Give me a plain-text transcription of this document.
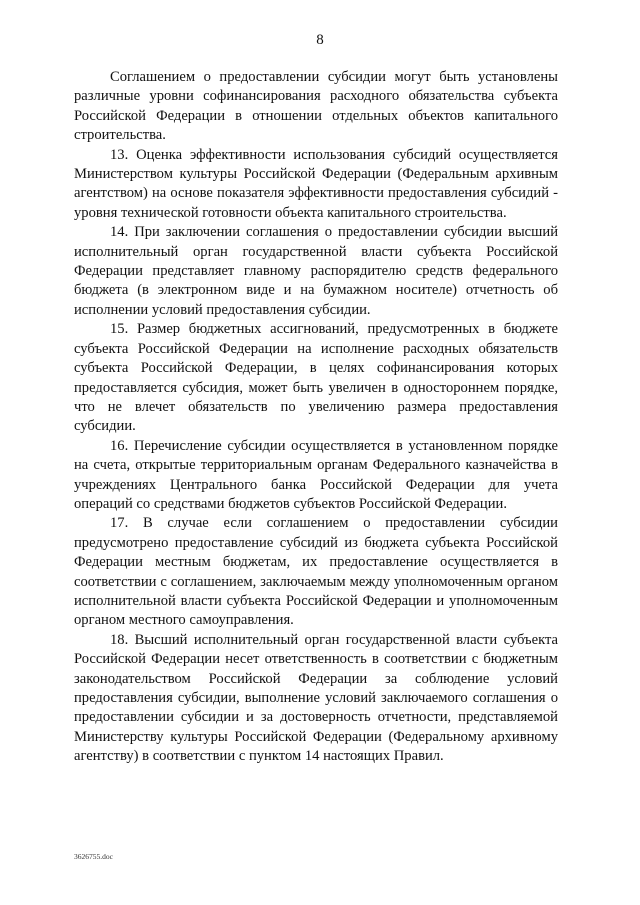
8

Соглашением о предоставлении субсидии могут быть установлены различные уровни софинансирования расходного обязательства субъекта Российской Федерации в отношении отдельных объектов капитального строительства.

13. Оценка эффективности использования субсидий осуществляется Министерством культуры Российской Федерации (Федеральным архивным агентством) на основе показателя эффективности предоставления субсидий - уровня технической готовности объекта капитального строительства.

14. При заключении соглашения о предоставлении субсидии высший исполнительный орган государственной власти субъекта Российской Федерации представляет главному распорядителю средств федерального бюджета (в электронном виде и на бумажном носителе) отчетность об исполнении условий предоставления субсидии.

15. Размер бюджетных ассигнований, предусмотренных в бюджете субъекта Российской Федерации на исполнение расходных обязательств субъекта Российской Федерации, в целях софинансирования которых предоставляется субсидия, может быть увеличен в одностороннем порядке, что не влечет обязательств по увеличению размера предоставления субсидии.

16. Перечисление субсидии осуществляется в установленном порядке на счета, открытые территориальным органам Федерального казначейства в учреждениях Центрального банка Российской Федерации для учета операций со средствами бюджетов субъектов Российской Федерации.

17. В случае если соглашением о предоставлении субсидии предусмотрено предоставление субсидий из бюджета субъекта Российской Федерации местным бюджетам, их предоставление осуществляется в соответствии с соглашением, заключаемым между уполномоченным органом исполнительной власти субъекта Российской Федерации и уполномоченным органом местного самоуправления.

18. Высший исполнительный орган государственной власти субъекта Российской Федерации несет ответственность в соответствии с бюджетным законодательством Российской Федерации за соблюдение условий предоставления субсидии, выполнение условий заключаемого соглашения о предоставлении субсидии и за достоверность отчетности, представляемой Министерству культуры Российской Федерации (Федеральному архивному агентству) в соответствии с пунктом 14 настоящих Правил.

3626755.doc
